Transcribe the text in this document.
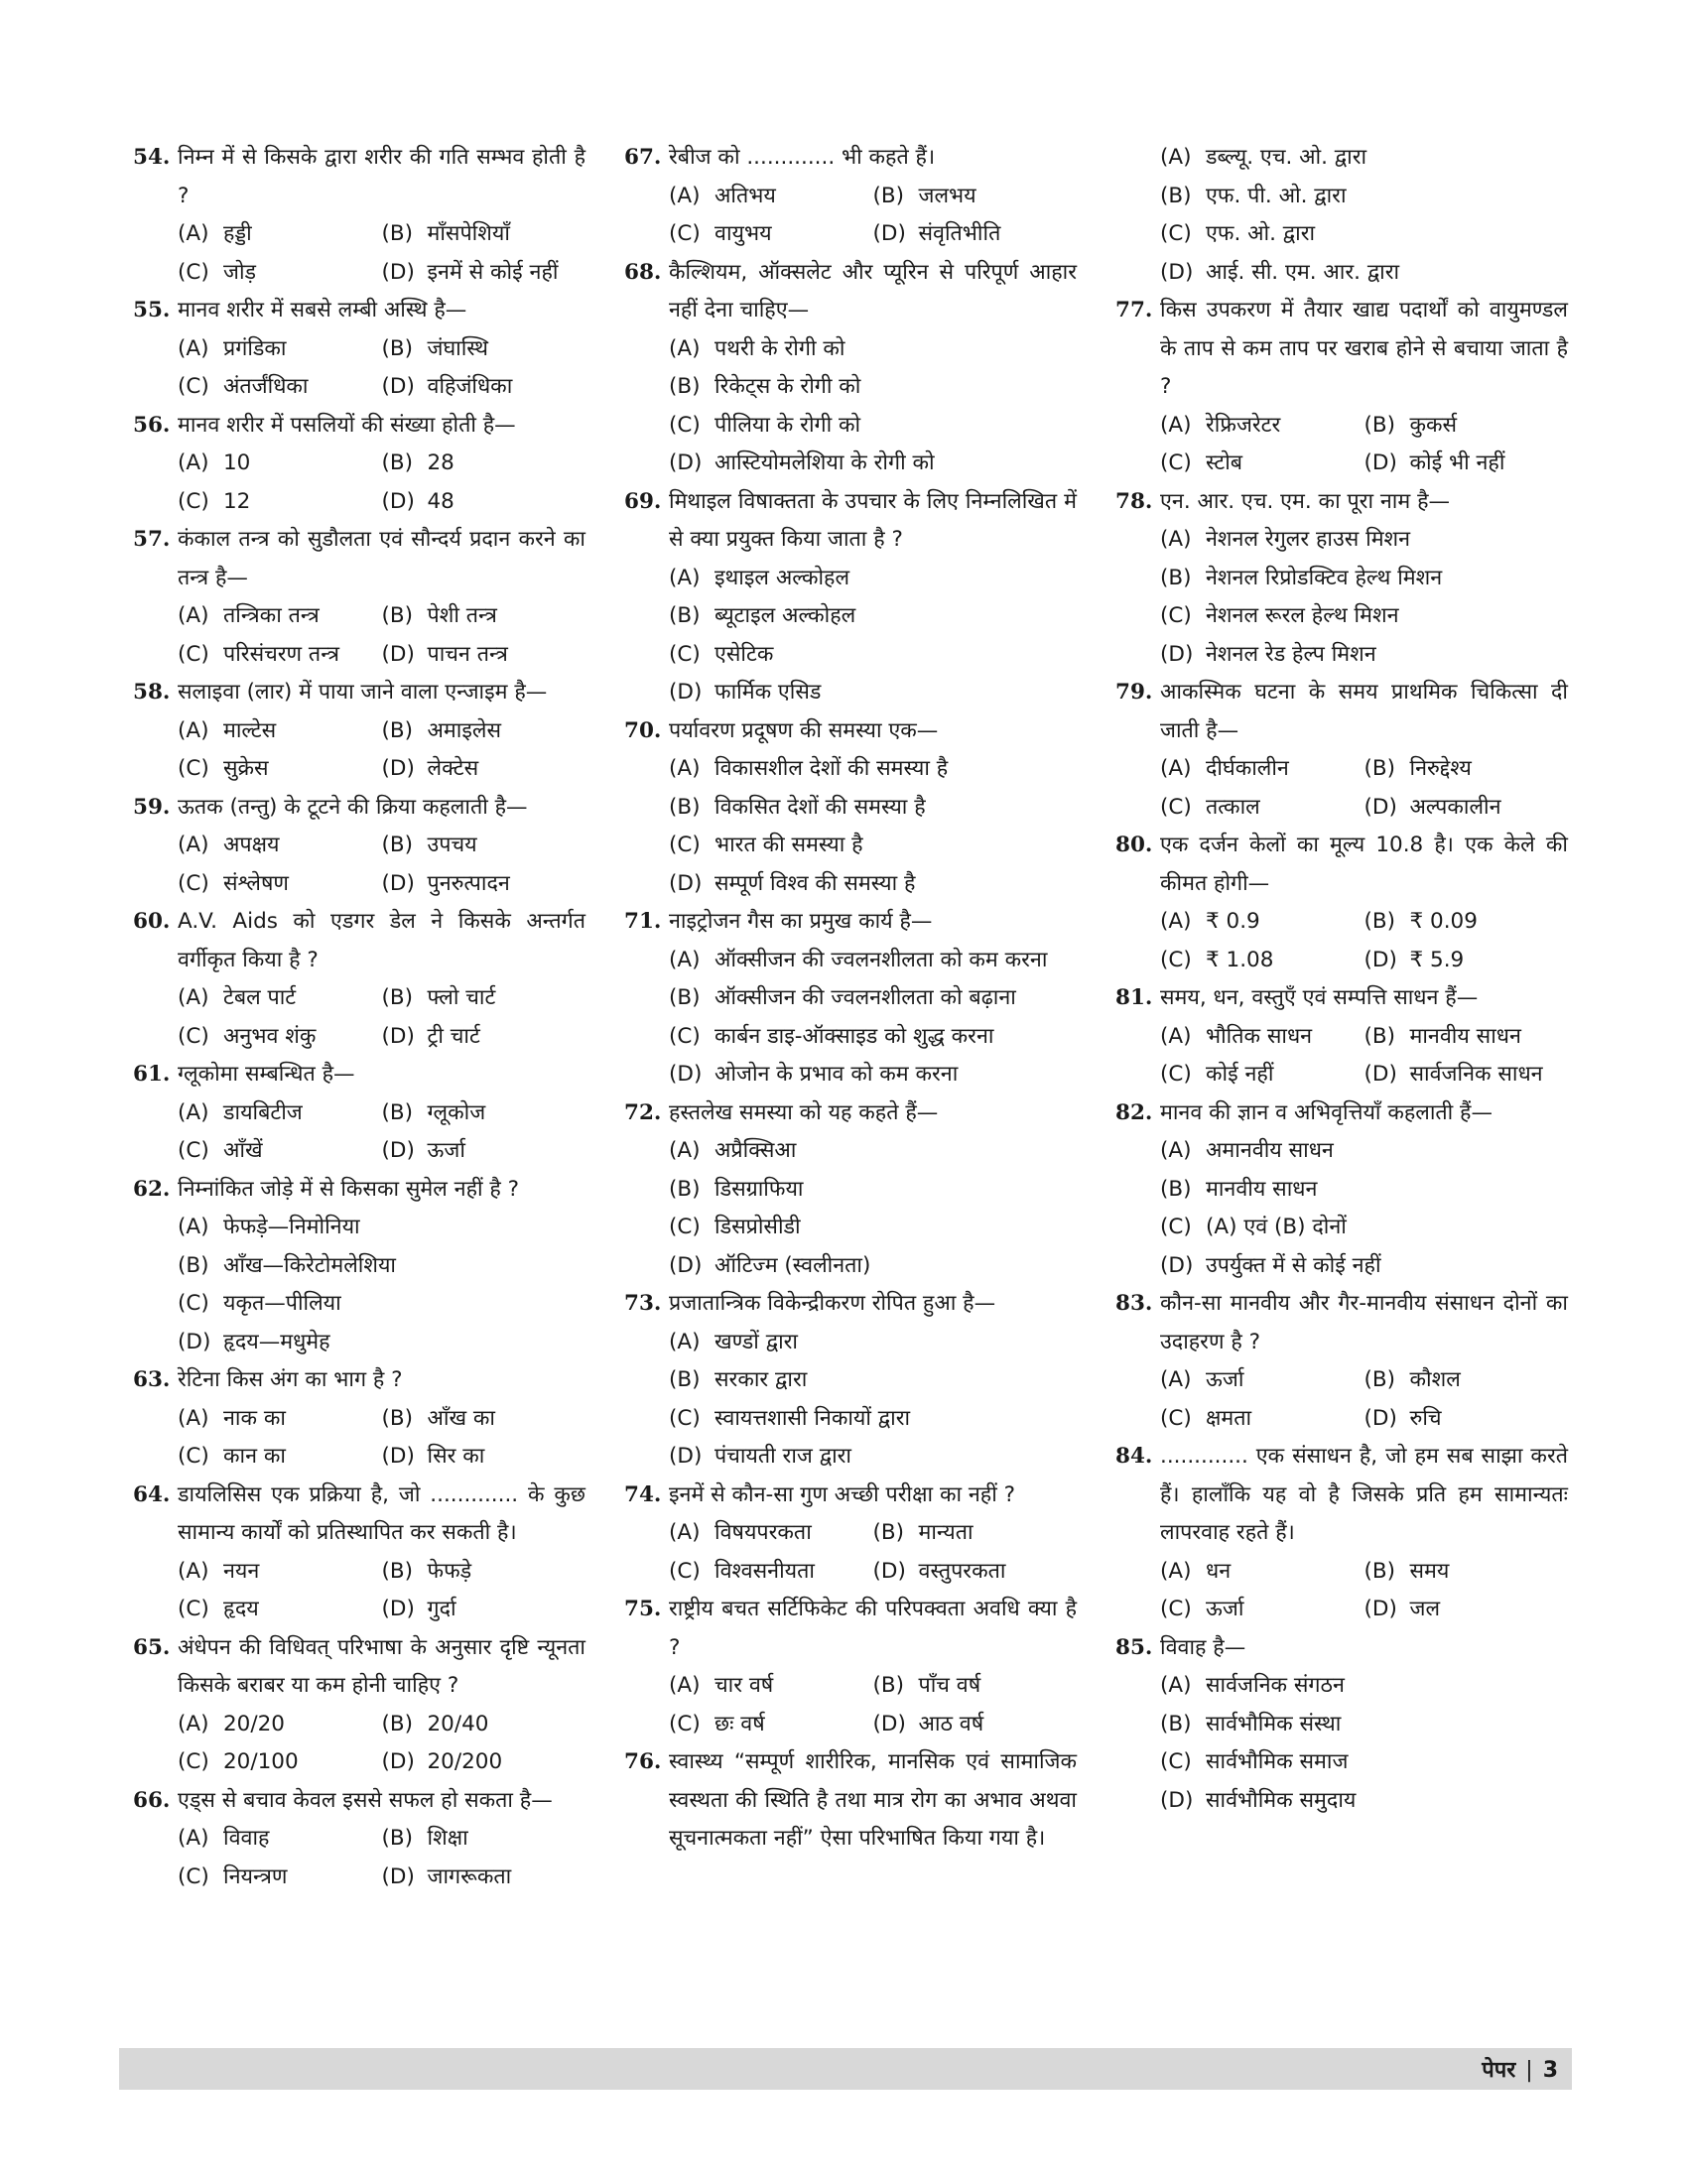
54. निम्न में से किसके द्वारा शरीर की गति सम्भव होती है ?
(A) हड्डी	(B) माँसपेशियाँ
(C) जोड़	(D) इनमें से कोई नहीं
55. मानव शरीर में सबसे लम्बी अस्थि है—
(A) प्रगंडिका	(B) जंघास्थि
(C) अंतर्जंधिका	(D) वहिजंधिका
56. मानव शरीर में पसलियों की संख्या होती है—
(A) 10	(B) 28
(C) 12	(D) 48
57. कंकाल तन्त्र को सुडौलता एवं सौन्दर्य प्रदान करने का तन्त्र है—
(A) तन्त्रिका तन्त्र	(B) पेशी तन्त्र
(C) परिसंचरण तन्त्र	(D) पाचन तन्त्र
58. सलाइवा (लार) में पाया जाने वाला एन्जाइम है—
(A) माल्टेस	(B) अमाइलेस
(C) सुक्रेस	(D) लेक्टेस
59. ऊतक (तन्तु) के टूटने की क्रिया कहलाती है—
(A) अपक्षय	(B) उपचय
(C) संश्लेषण	(D) पुनरुत्पादन
60. A.V. Aids को एडगर डेल ने किसके अन्तर्गत वर्गीकृत किया है ?
(A) टेबल पार्ट	(B) फ्लो चार्ट
(C) अनुभव शंकु	(D) ट्री चार्ट
61. ग्लूकोमा सम्बन्धित है—
(A) डायबिटीज	(B) ग्लूकोज
(C) आँखें	(D) ऊर्जा
62. निम्नांकित जोड़े में से किसका सुमेल नहीं है ?
(A) फेफड़े—निमोनिया
(B) आँख—किरेटोमलेशिया
(C) यकृत—पीलिया
(D) हृदय—मधुमेह
63. रेटिना किस अंग का भाग है ?
(A) नाक का	(B) आँख का
(C) कान का	(D) सिर का
64. डायलिसिस एक प्रक्रिया है, जो ............. के कुछ सामान्य कार्यों को प्रतिस्थापित कर सकती है।
(A) नयन	(B) फेफड़े
(C) हृदय	(D) गुर्दा
65. अंधेपन की विधिवत् परिभाषा के अनुसार दृष्टि न्यूनता किसके बराबर या कम होनी चाहिए ?
(A) 20/20	(B) 20/40
(C) 20/100	(D) 20/200
66. एड्स से बचाव केवल इससे सफल हो सकता है—
(A) विवाह	(B) शिक्षा
(C) नियन्त्रण	(D) जागरूकता
67. रेबीज को ............. भी कहते हैं।
(A) अतिभय	(B) जलभय
(C) वायुभय	(D) संवृतिभीति
68. कैल्शियम, ऑक्सलेट और प्यूरिन से परिपूर्ण आहार नहीं देना चाहिए—
(A) पथरी के रोगी को
(B) रिकेट्स के रोगी को
(C) पीलिया के रोगी को
(D) आस्टियोमलेशिया के रोगी को
69. मिथाइल विषाक्तता के उपचार के लिए निम्नलिखित में से क्या प्रयुक्त किया जाता है ?
(A) इथाइल अल्कोहल
(B) ब्यूटाइल अल्कोहल
(C) एसेटिक
(D) फार्मिक एसिड
70. पर्यावरण प्रदूषण की समस्या एक—
(A) विकासशील देशों की समस्या है
(B) विकसित देशों की समस्या है
(C) भारत की समस्या है
(D) सम्पूर्ण विश्व की समस्या है
71. नाइट्रोजन गैस का प्रमुख कार्य है—
(A) ऑक्सीजन की ज्वलनशीलता को कम करना
(B) ऑक्सीजन की ज्वलनशीलता को बढ़ाना
(C) कार्बन डाइ-ऑक्साइड को शुद्ध करना
(D) ओजोन के प्रभाव को कम करना
72. हस्तलेख समस्या को यह कहते हैं—
(A) अप्रैक्सिआ
(B) डिसग्राफिया
(C) डिसप्रोसीडी
(D) ऑटिज्म (स्वलीनता)
73. प्रजातान्त्रिक विकेन्द्रीकरण रोपित हुआ है—
(A) खण्डों द्वारा
(B) सरकार द्वारा
(C) स्वायत्तशासी निकायों द्वारा
(D) पंचायती राज द्वारा
74. इनमें से कौन-सा गुण अच्छी परीक्षा का नहीं ?
(A) विषयपरकता	(B) मान्यता
(C) विश्वसनीयता	(D) वस्तुपरकता
75. राष्ट्रीय बचत सर्टिफिकेट की परिपक्वता अवधि क्या है ?
(A) चार वर्ष	(B) पाँच वर्ष
(C) छः वर्ष	(D) आठ वर्ष
76. स्वास्थ्य “सम्पूर्ण शारीरिक, मानसिक एवं सामाजिक स्वस्थता की स्थिति है तथा मात्र रोग का अभाव अथवा सूचनात्मकता नहीं” ऐसा परिभाषित किया गया है।
(A) डब्ल्यू. एच. ओ. द्वारा
(B) एफ. पी. ओ. द्वारा
(C) एफ. ओ. द्वारा
(D) आई. सी. एम. आर. द्वारा
77. किस उपकरण में तैयार खाद्य पदार्थों को वायुमण्डल के ताप से कम ताप पर खराब होने से बचाया जाता है ?
(A) रेफ्रिजरेटर	(B) कुकर्स
(C) स्टोब	(D) कोई भी नहीं
78. एन. आर. एच. एम. का पूरा नाम है—
(A) नेशनल रेगुलर हाउस मिशन
(B) नेशनल रिप्रोडक्टिव हेल्थ मिशन
(C) नेशनल रूरल हेल्थ मिशन
(D) नेशनल रेड हेल्प मिशन
79. आकस्मिक घटना के समय प्राथमिक चिकित्सा दी जाती है—
(A) दीर्घकालीन	(B) निरुद्देश्य
(C) तत्काल	(D) अल्पकालीन
80. एक दर्जन केलों का मूल्य 10.8 है। एक केले की कीमत होगी—
(A) ₹ 0.9	(B) ₹ 0.09
(C) ₹ 1.08	(D) ₹ 5.9
81. समय, धन, वस्तुएँ एवं सम्पत्ति साधन हैं—
(A) भौतिक साधन	(B) मानवीय साधन
(C) कोई नहीं	(D) सार्वजनिक साधन
82. मानव की ज्ञान व अभिवृत्तियाँ कहलाती हैं—
(A) अमानवीय साधन
(B) मानवीय साधन
(C) (A) एवं (B) दोनों
(D) उपर्युक्त में से कोई नहीं
83. कौन-सा मानवीय और गैर-मानवीय संसाधन दोनों का उदाहरण है ?
(A) ऊर्जा	(B) कौशल
(C) क्षमता	(D) रुचि
84. ............. एक संसाधन है, जो हम सब साझा करते हैं। हालाँकि यह वो है जिसके प्रति हम सामान्यतः लापरवाह रहते हैं।
(A) धन	(B) समय
(C) ऊर्जा	(D) जल
85. विवाह है—
(A) सार्वजनिक संगठन
(B) सार्वभौमिक संस्था
(C) सार्वभौमिक समाज
(D) सार्वभौमिक समुदाय
पेपर | 3
